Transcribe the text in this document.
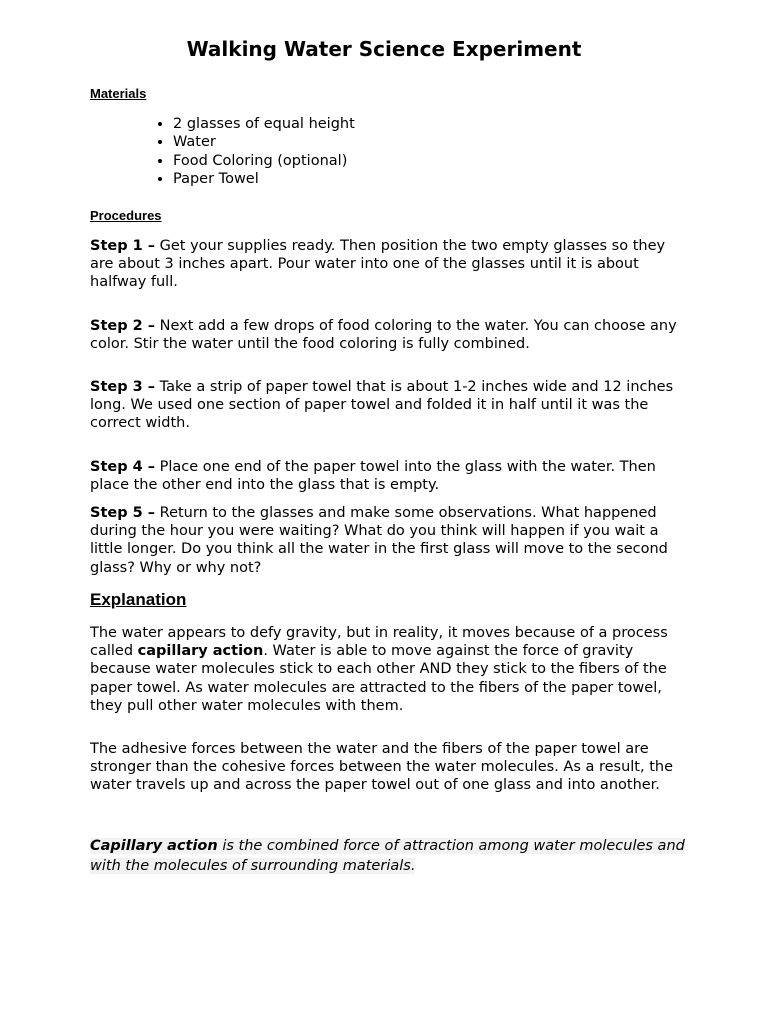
Walking Water Science Experiment
Materials
• 2 glasses of equal height
• Water
• Food Coloring (optional)
• Paper Towel
Procedures

Step 1 – Get your supplies ready. Then position the two empty glasses so they are about 3 inches apart. Pour water into one of the glasses until it is about halfway full.

Step 2 – Next add a few drops of food coloring to the water. You can choose any color. Stir the water until the food coloring is fully combined.

Step 3 – Take a strip of paper towel that is about 1-2 inches wide and 12 inches long. We used one section of paper towel and folded it in half until it was the correct width.

Step 4 – Place one end of the paper towel into the glass with the water. Then place the other end into the glass that is empty.

Step 5 – Return to the glasses and make some observations. What happened during the hour you were waiting? What do you think will happen if you wait a little longer. Do you think all the water in the first glass will move to the second glass? Why or why not?

Explanation

The water appears to defy gravity, but in reality, it moves because of a process called capillary action. Water is able to move against the force of gravity because water molecules stick to each other AND they stick to the fibers of the paper towel. As water molecules are attracted to the fibers of the paper towel, they pull other water molecules with them.

The adhesive forces between the water and the fibers of the paper towel are stronger than the cohesive forces between the water molecules. As a result, the water travels up and across the paper towel out of one glass and into another.

Capillary action is the combined force of attraction among water molecules and with the molecules of surrounding materials.
